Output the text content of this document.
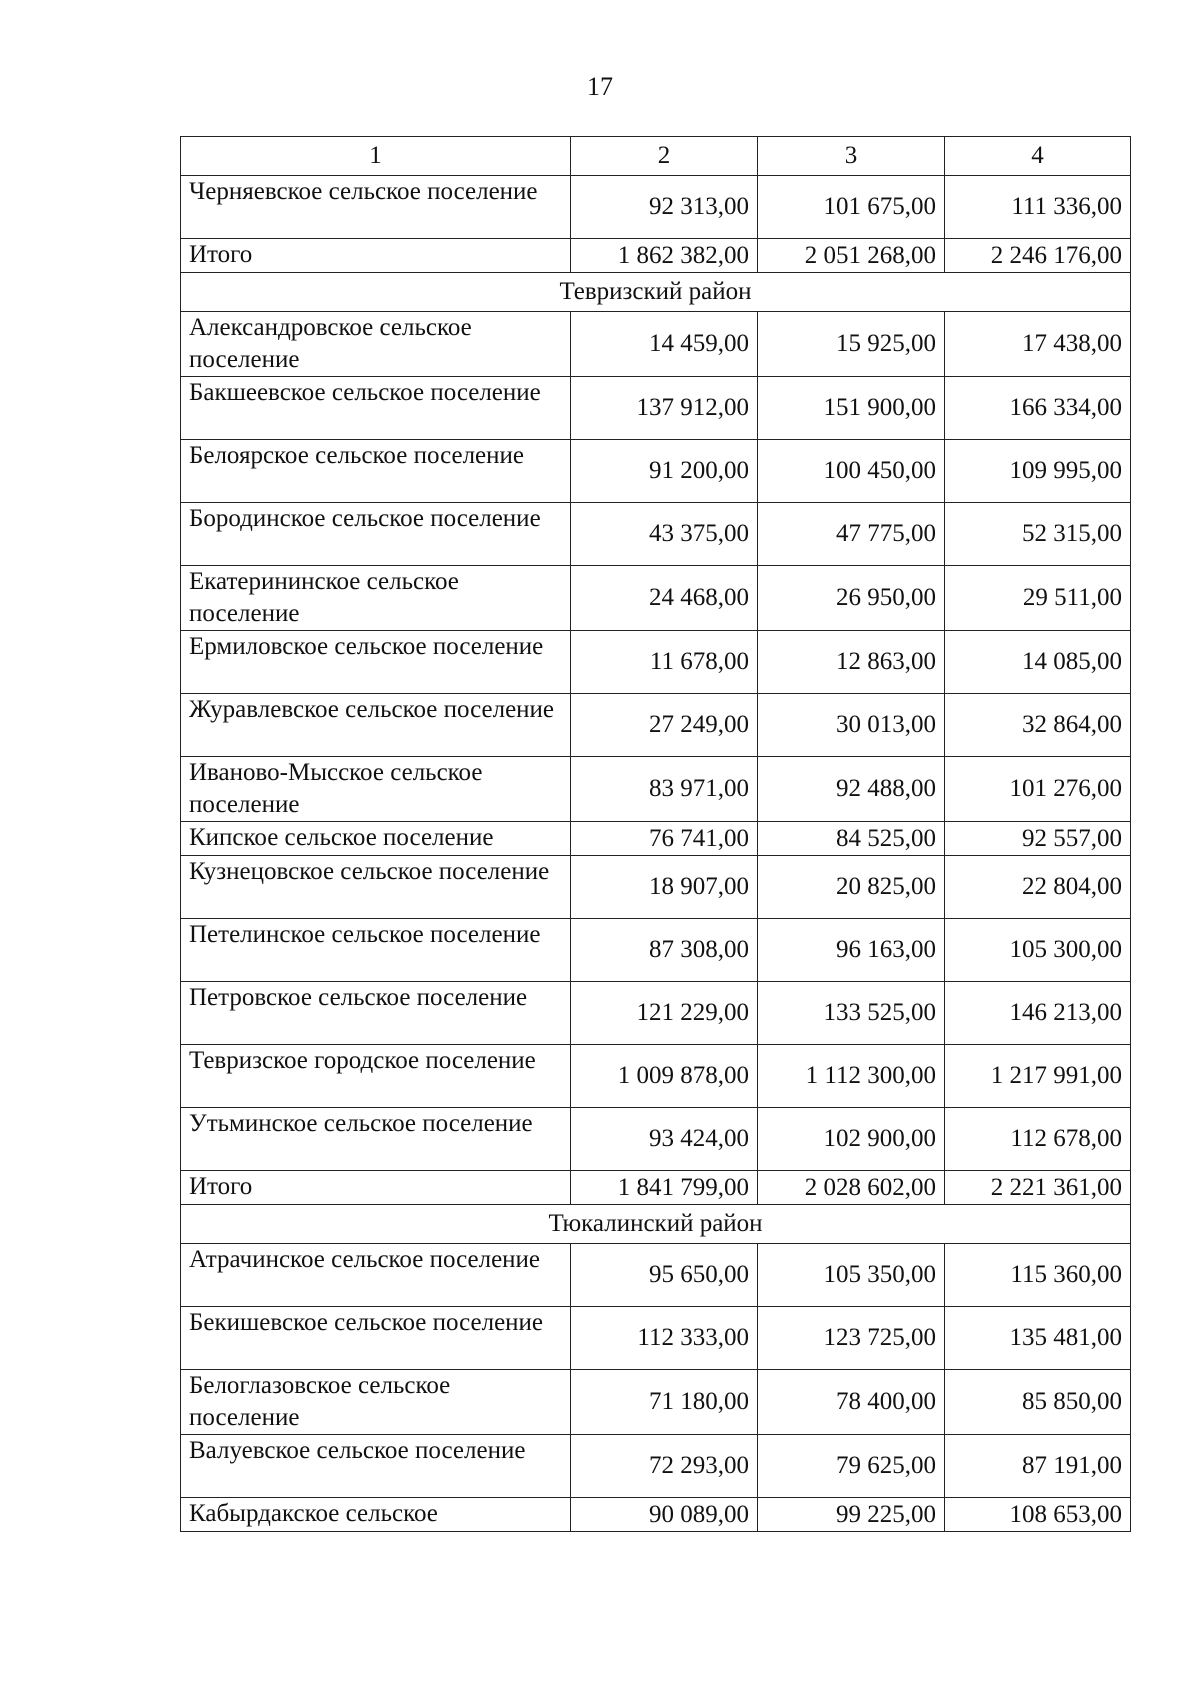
17
1	2	3	4
Черняевское сельское поселение	92 313,00	101 675,00	111 336,00
Итого	1 862 382,00	2 051 268,00	2 246 176,00
Тевризский район			
Александровское сельское поселение	14 459,00	15 925,00	17 438,00
Бакшеевское сельское поселение	137 912,00	151 900,00	166 334,00
Белоярское сельское поселение	91 200,00	100 450,00	109 995,00
Бородинское сельское поселение	43 375,00	47 775,00	52 315,00
Екатерининское сельское поселение	24 468,00	26 950,00	29 511,00
Ермиловское сельское поселение	11 678,00	12 863,00	14 085,00
Журавлевское сельское поселение	27 249,00	30 013,00	32 864,00
Иваново-Мысское сельское поселение	83 971,00	92 488,00	101 276,00
Кипское сельское поселение	76 741,00	84 525,00	92 557,00
Кузнецовское сельское поселение	18 907,00	20 825,00	22 804,00
Петелинское сельское поселение	87 308,00	96 163,00	105 300,00
Петровское сельское поселение	121 229,00	133 525,00	146 213,00
Тевризское городское поселение	1 009 878,00	1 112 300,00	1 217 991,00
Утьминское сельское поселение	93 424,00	102 900,00	112 678,00
Итого	1 841 799,00	2 028 602,00	2 221 361,00
Тюкалинский район			
Атрачинское сельское поселение	95 650,00	105 350,00	115 360,00
Бекишевское сельское поселение	112 333,00	123 725,00	135 481,00
Белоглазовское сельское поселение	71 180,00	78 400,00	85 850,00
Валуевское сельское поселение	72 293,00	79 625,00	87 191,00
Кабырдакское сельское	90 089,00	99 225,00	108 653,00
